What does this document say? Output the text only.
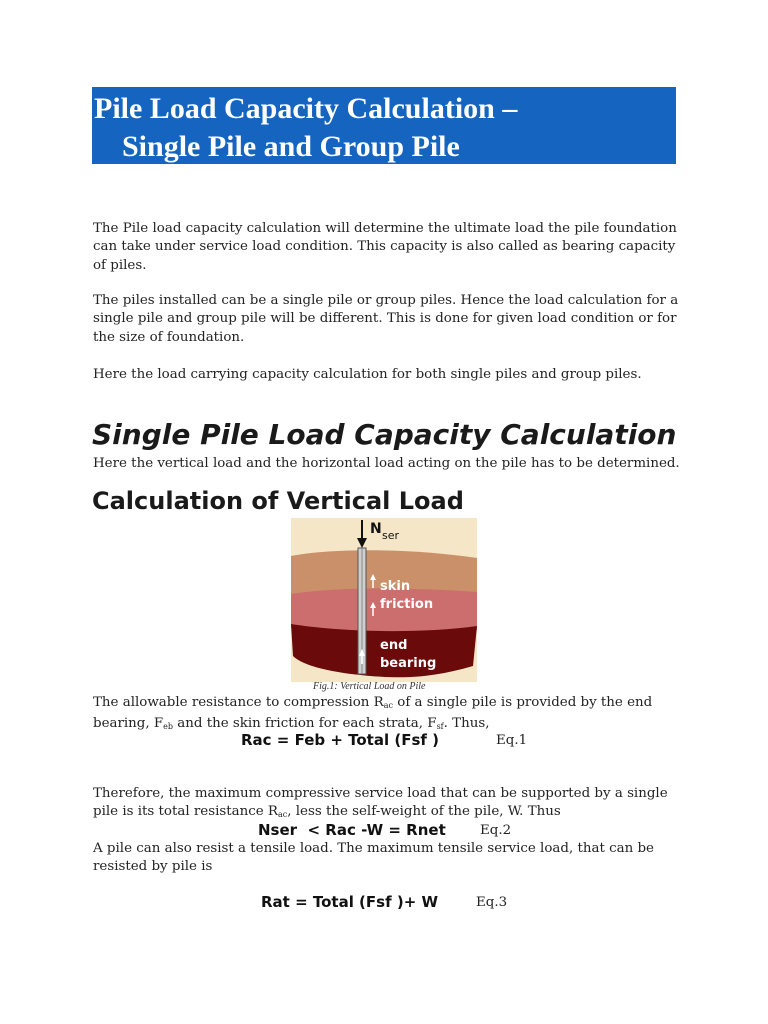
Pile Load Capacity Calculation –
Single Pile and Group Pile

The Pile load capacity calculation will determine the ultimate load the pile foundation can take under service load condition. This capacity is also called as bearing capacity of piles.

The piles installed can be a single pile or group piles. Hence the load calculation for a single pile and group pile will be different. This is done for given load condition or for the size of foundation.

Here the load carrying capacity calculation for both single piles and group piles.

Single Pile Load Capacity Calculation

Here the vertical load and the horizontal load acting on the pile has to be determined.

Calculation of Vertical Load
N ser
skin
friction
end
bearing
Fig.1: Vertical Load on Pile

The allowable resistance to compression $R_{ac}$ of a single pile is provided by the end bearing, $F_{eb}$ and the skin friction for each strata, $F_{sf}$. Thus,

Rac = Feb + Total (Fsf )	Eq.1

Therefore, the maximum compressive service load that can be supported by a single pile is its total resistance $R_{ac}$, less the self-weight of the pile, W. Thus

Nser  < Rac -W = Rnet	Eq.2

A pile can also resist a tensile load. The maximum tensile service load, that can be resisted by pile is

Rat = Total (Fsf )+ W	Eq.3
